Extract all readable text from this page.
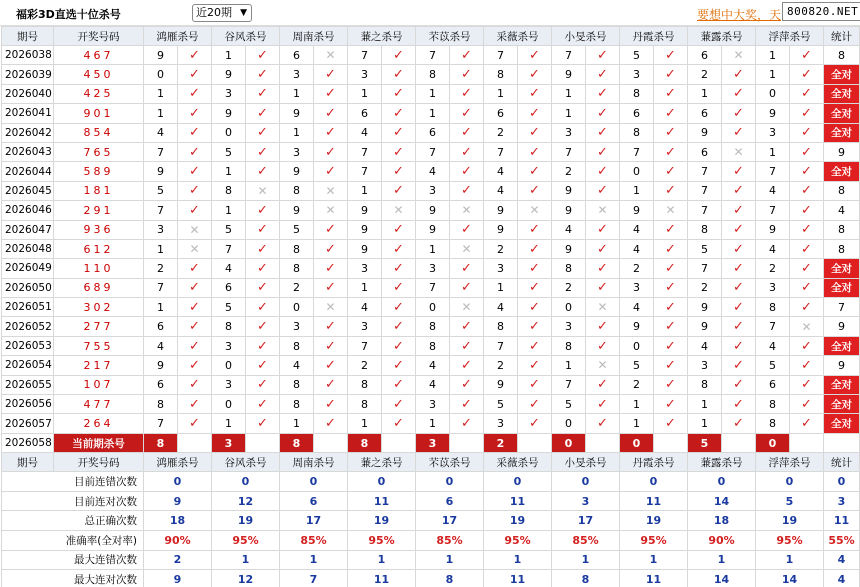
福彩3D直选十位杀号	近20期 ▼	要想中大奖，天 800820.NET
期号	开奖号码	鸿雁杀号		谷风杀号		周南杀号		蒹之杀号		芣苡杀号		采薇杀号		小旻杀号		丹霞杀号		蒹露杀号		浮萍杀号		统计
2026038	467	9	✓	1	✓	6	✕	7	✓	7	✓	7	✓	7	✓	5	✓	6	✕	1	✓	8
2026039	450	0	✓	9	✓	3	✓	3	✓	8	✓	8	✓	9	✓	3	✓	2	✓	1	✓	全对
2026040	425	1	✓	3	✓	1	✓	1	✓	1	✓	1	✓	1	✓	8	✓	1	✓	0	✓	全对
2026041	901	1	✓	9	✓	9	✓	6	✓	1	✓	6	✓	1	✓	6	✓	6	✓	9	✓	全对
2026042	854	4	✓	0	✓	1	✓	4	✓	6	✓	2	✓	3	✓	8	✓	9	✓	3	✓	全对
2026043	765	7	✓	5	✓	3	✓	7	✓	7	✓	7	✓	7	✓	7	✓	6	✕	1	✓	9
2026044	589	9	✓	1	✓	9	✓	7	✓	4	✓	4	✓	2	✓	0	✓	7	✓	7	✓	全对
2026045	181	5	✓	8	✕	8	✕	1	✓	3	✓	4	✓	9	✓	1	✓	7	✓	4	✓	8
2026046	291	7	✓	1	✓	9	✕	9	✕	9	✕	9	✕	9	✕	9	✕	7	✓	7	✓	4
2026047	936	3	✕	5	✓	5	✓	9	✓	9	✓	9	✓	4	✓	4	✓	8	✓	9	✓	8
2026048	612	1	✕	7	✓	8	✓	9	✓	1	✕	2	✓	9	✓	4	✓	5	✓	4	✓	8
2026049	110	2	✓	4	✓	8	✓	3	✓	3	✓	3	✓	8	✓	2	✓	7	✓	2	✓	全对
2026050	689	7	✓	6	✓	2	✓	1	✓	7	✓	1	✓	2	✓	3	✓	2	✓	3	✓	全对
2026051	302	1	✓	5	✓	0	✕	4	✓	0	✕	4	✓	0	✕	4	✓	9	✓	8	✓	7
2026052	277	6	✓	8	✓	3	✓	3	✓	8	✓	8	✓	3	✓	9	✓	9	✓	7	✕	9
2026053	755	4	✓	3	✓	8	✓	7	✓	8	✓	7	✓	8	✓	0	✓	4	✓	4	✓	全对
2026054	217	9	✓	0	✓	4	✓	2	✓	4	✓	2	✓	1	✕	5	✓	3	✓	5	✓	9
2026055	107	6	✓	3	✓	8	✓	8	✓	4	✓	9	✓	7	✓	2	✓	8	✓	6	✓	全对
2026056	477	8	✓	0	✓	8	✓	8	✓	3	✓	5	✓	5	✓	1	✓	1	✓	8	✓	全对
2026057	264	7	✓	1	✓	1	✓	1	✓	1	✓	3	✓	0	✓	1	✓	1	✓	8	✓	全对
2026058	当前期杀号	8		3		8		8		3		2		0		0		5		0		
期号	开奖号码	鸿雁杀号		谷风杀号		周南杀号		蒹之杀号		芣苡杀号		采薇杀号		小旻杀号		丹霞杀号		蒹露杀号		浮萍杀号		统计
目前连错次数		0		0		0		0		0		0		0		0		0		0		0
目前连对次数		9		12		6		11		6		11		3		11		14		5		3
总正确次数		18		19		17		19		17		19		17		19		18		19		11
准确率(全对率)		90%		95%		85%		95%		85%		95%		85%		95%		90%		95%		55%
最大连错次数		2		1		1		1		1		1		1		1		1		1		4
最大连对次数		9		12		7		11		8		11		8		11		14		14		4
